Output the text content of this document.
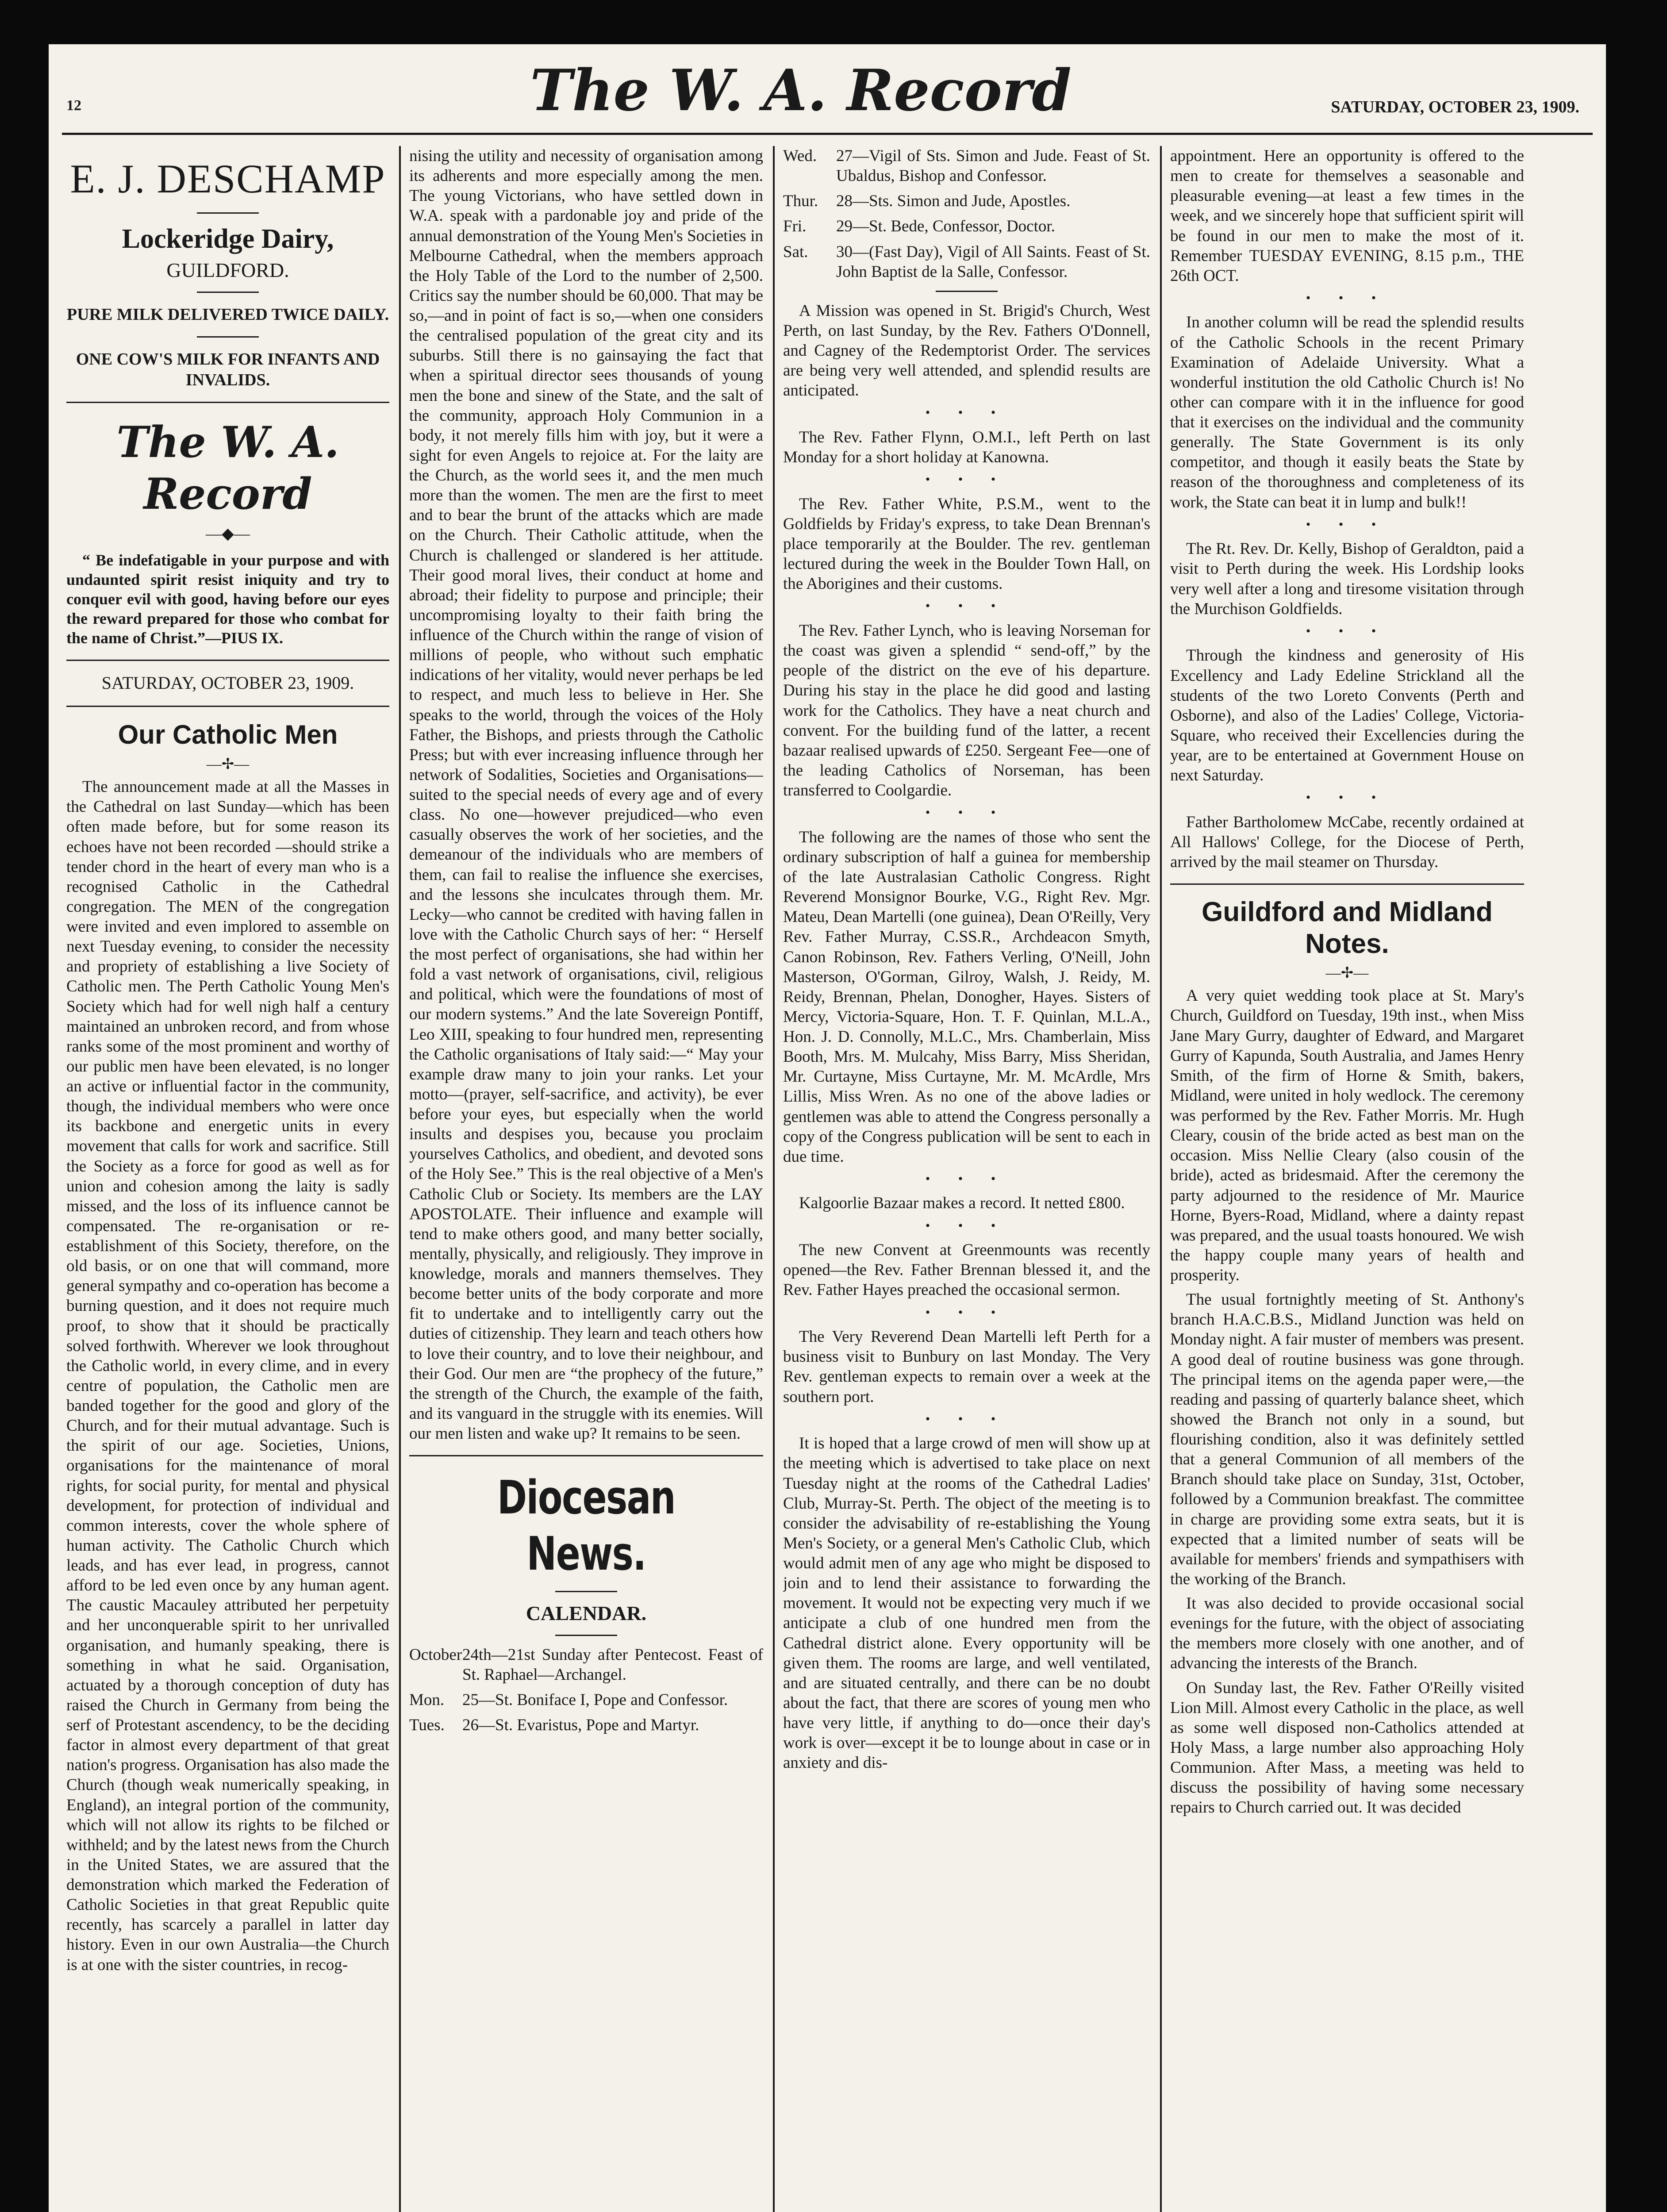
12	The W. A. Record	SATURDAY, OCTOBER 23, 1909.
E. J. DESCHAMP
Lockeridge Dairy,
GUILDFORD.
PURE MILK DELIVERED TWICE DAILY.
ONE COW'S MILK FOR INFANTS AND INVALIDS.
The W. A. Record
—◆—

“ Be indefatigable in your purpose and with undaunted spirit resist iniquity and try to conquer evil with good, having before our eyes the reward prepared for those who combat for the name of Christ.”—PIUS IX.

SATURDAY, OCTOBER 23, 1909.
Our Catholic Men
—✢—

The announcement made at all the Masses in the Cathedral on last Sunday—which has been often made before, but for some reason its echoes have not been recorded —should strike a tender chord in the heart of every man who is a recognised Catholic in the Cathedral congregation. The MEN of the congregation were invited and even implored to assemble on next Tuesday evening, to consider the necessity and propriety of establishing a live Society of Catholic men. The Perth Catholic Young Men's Society which had for well nigh half a century maintained an unbroken record, and from whose ranks some of the most prominent and worthy of our public men have been elevated, is no longer an active or influential factor in the community, though, the individual members who were once its backbone and energetic units in every movement that calls for work and sacrifice. Still the Society as a force for good as well as for union and cohesion among the laity is sadly missed, and the loss of its influence cannot be compensated. The re-organisation or re-establishment of this Society, therefore, on the old basis, or on one that will command, more general sympathy and co-operation has become a burning question, and it does not require much proof, to show that it should be practically solved forthwith. Wherever we look throughout the Catholic world, in every clime, and in every centre of population, the Catholic men are banded together for the good and glory of the Church, and for their mutual advantage. Such is the spirit of our age. Societies, Unions, organisations for the maintenance of moral rights, for social purity, for mental and physical development, for protection of individual and common interests, cover the whole sphere of human activity. The Catholic Church which leads, and has ever lead, in progress, cannot afford to be led even once by any human agent. The caustic Macauley attributed her perpetuity and her unconquerable spirit to her unrivalled organisation, and humanly speaking, there is something in what he said. Organisation, actuated by a thorough conception of duty has raised the Church in Germany from being the serf of Protestant ascendency, to be the deciding factor in almost every department of that great nation's progress. Organisation has also made the Church (though weak numerically speaking, in England), an integral portion of the community, which will not allow its rights to be filched or withheld; and by the latest news from the Church in the United States, we are assured that the demonstration which marked the Federation of Catholic Societies in that great Republic quite recently, has scarcely a parallel in latter day history. Even in our own Australia—the Church is at one with the sister countries, in recog-

nising the utility and necessity of organisation among its adherents and more especially among the men. The young Victorians, who have settled down in W.A. speak with a pardonable joy and pride of the annual demonstration of the Young Men's Societies in Melbourne Cathedral, when the members approach the Holy Table of the Lord to the number of 2,500. Critics say the number should be 60,000. That may be so,—and in point of fact is so,—when one considers the centralised population of the great city and its suburbs. Still there is no gainsaying the fact that when a spiritual director sees thousands of young men the bone and sinew of the State, and the salt of the community, approach Holy Communion in a body, it not merely fills him with joy, but it were a sight for even Angels to rejoice at. For the laity are the Church, as the world sees it, and the men much more than the women. The men are the first to meet and to bear the brunt of the attacks which are made on the Church. Their Catholic attitude, when the Church is challenged or slandered is her attitude. Their good moral lives, their conduct at home and abroad; their fidelity to purpose and principle; their uncompromising loyalty to their faith bring the influence of the Church within the range of vision of millions of people, who without such emphatic indications of her vitality, would never perhaps be led to respect, and much less to believe in Her. She speaks to the world, through the voices of the Holy Father, the Bishops, and priests through the Catholic Press; but with ever increasing influence through her network of Sodalities, Societies and Organisations—suited to the special needs of every age and of every class. No one—however prejudiced—who even casually observes the work of her societies, and the demeanour of the individuals who are members of them, can fail to realise the influence she exercises, and the lessons she inculcates through them. Mr. Lecky—who cannot be credited with having fallen in love with the Catholic Church says of her: “ Herself the most perfect of organisations, she had within her fold a vast network of organisations, civil, religious and political, which were the foundations of most of our modern systems.” And the late Sovereign Pontiff, Leo XIII, speaking to four hundred men, representing the Catholic organisations of Italy said:—“ May your example draw many to join your ranks. Let your motto—(prayer, self-sacrifice, and activity), be ever before your eyes, but especially when the world insults and despises you, because you proclaim yourselves Catholics, and obedient, and devoted sons of the Holy See.” This is the real objective of a Men's Catholic Club or Society. Its members are the LAY APOSTOLATE. Their influence and example will tend to make others good, and many better socially, mentally, physically, and religiously. They improve in knowledge, morals and manners themselves. They become better units of the body corporate and more fit to undertake and to intelligently carry out the duties of citizenship. They learn and teach others how to love their country, and to love their neighbour, and their God. Our men are “the prophecy of the future,” the strength of the Church, the example of the faith, and its vanguard in the struggle with its enemies. Will our men listen and wake up? It remains to be seen.

Diocesan News.
CALENDAR.
October 24th—21st Sunday after Pentecost. Feast of St. Raphael—Archangel.
Mon.	25—St. Boniface I, Pope and Confessor.
Tues.	26—St. Evaristus, Pope and Martyr.
Wed.	27—Vigil of Sts. Simon and Jude. Feast of St. Ubaldus, Bishop and Confessor.
Thur.	28—Sts. Simon and Jude, Apostles.
Fri.	29—St. Bede, Confessor, Doctor.
Sat.	30—(Fast Day), Vigil of All Saints. Feast of St. John Baptist de la Salle, Confessor.

A Mission was opened in St. Brigid's Church, West Perth, on last Sunday, by the Rev. Fathers O'Donnell, and Cagney of the Redemptorist Order. The services are being very well attended, and splendid results are anticipated.

• • •

The Rev. Father Flynn, O.M.I., left Perth on last Monday for a short holiday at Kanowna.

• • •

The Rev. Father White, P.S.M., went to the Goldfields by Friday's express, to take Dean Brennan's place temporarily at the Boulder. The rev. gentleman lectured during the week in the Boulder Town Hall, on the Aborigines and their customs.

• • •

The Rev. Father Lynch, who is leaving Norseman for the coast was given a splendid “ send-off,” by the people of the district on the eve of his departure. During his stay in the place he did good and lasting work for the Catholics. They have a neat church and convent. For the building fund of the latter, a recent bazaar realised upwards of £250. Sergeant Fee—one of the leading Catholics of Norseman, has been transferred to Coolgardie.

• • •

The following are the names of those who sent the ordinary subscription of half a guinea for membership of the late Australasian Catholic Congress. Right Reverend Monsignor Bourke, V.G., Right Rev. Mgr. Mateu, Dean Martelli (one guinea), Dean O'Reilly, Very Rev. Father Murray, C.SS.R., Archdeacon Smyth, Canon Robinson, Rev. Fathers Verling, O'Neill, John Masterson, O'Gorman, Gilroy, Walsh, J. Reidy, M. Reidy, Brennan, Phelan, Donogher, Hayes. Sisters of Mercy, Victoria-Square, Hon. T. F. Quinlan, M.L.A., Hon. J. D. Connolly, M.L.C., Mrs. Chamberlain, Miss Booth, Mrs. M. Mulcahy, Miss Barry, Miss Sheridan, Mr. Curtayne, Miss Curtayne, Mr. M. McArdle, Mrs Lillis, Miss Wren. As no one of the above ladies or gentlemen was able to attend the Congress personally a copy of the Congress publication will be sent to each in due time.

• • •

Kalgoorlie Bazaar makes a record. It netted £800.

• • •

The new Convent at Greenmounts was recently opened—the Rev. Father Brennan blessed it, and the Rev. Father Hayes preached the occasional sermon.

• • •

The Very Reverend Dean Martelli left Perth for a business visit to Bunbury on last Monday. The Very Rev. gentleman expects to remain over a week at the southern port.

• • •

It is hoped that a large crowd of men will show up at the meeting which is advertised to take place on next Tuesday night at the rooms of the Cathedral Ladies' Club, Murray-St. Perth. The object of the meeting is to consider the advisability of re-establishing the Young Men's Society, or a general Men's Catholic Club, which would admit men of any age who might be disposed to join and to lend their assistance to forwarding the movement. It would not be expecting very much if we anticipate a club of one hundred men from the Cathedral district alone. Every opportunity will be given them. The rooms are large, and well ventilated, and are situated centrally, and there can be no doubt about the fact, that there are scores of young men who have very little, if anything to do—once their day's work is over—except it be to lounge about in case or in anxiety and dis-

appointment. Here an opportunity is offered to the men to create for themselves a seasonable and pleasurable evening—at least a few times in the week, and we sincerely hope that sufficient spirit will be found in our men to make the most of it. Remember TUESDAY EVENING, 8.15 p.m., THE 26th OCT.

• • •

In another column will be read the splendid results of the Catholic Schools in the recent Primary Examination of Adelaide University. What a wonderful institution the old Catholic Church is! No other can compare with it in the influence for good that it exercises on the individual and the community generally. The State Government is its only competitor, and though it easily beats the State by reason of the thoroughness and completeness of its work, the State can beat it in lump and bulk!!

• • •

The Rt. Rev. Dr. Kelly, Bishop of Geraldton, paid a visit to Perth during the week. His Lordship looks very well after a long and tiresome visitation through the Murchison Goldfields.

• • •

Through the kindness and generosity of His Excellency and Lady Edeline Strickland all the students of the two Loreto Convents (Perth and Osborne), and also of the Ladies' College, Victoria-Square, who received their Excellencies during the year, are to be entertained at Government House on next Saturday.

• • •

Father Bartholomew McCabe, recently ordained at All Hallows' College, for the Diocese of Perth, arrived by the mail steamer on Thursday.

Guildford and Midland Notes.
—✢—

A very quiet wedding took place at St. Mary's Church, Guildford on Tuesday, 19th inst., when Miss Jane Mary Gurry, daughter of Edward, and Margaret Gurry of Kapunda, South Australia, and James Henry Smith, of the firm of Horne & Smith, bakers, Midland, were united in holy wedlock. The ceremony was performed by the Rev. Father Morris. Mr. Hugh Cleary, cousin of the bride acted as best man on the occasion. Miss Nellie Cleary (also cousin of the bride), acted as bridesmaid. After the ceremony the party adjourned to the residence of Mr. Maurice Horne, Byers-Road, Midland, where a dainty repast was prepared, and the usual toasts honoured. We wish the happy couple many years of health and prosperity.

The usual fortnightly meeting of St. Anthony's branch H.A.C.B.S., Midland Junction was held on Monday night. A fair muster of members was present. A good deal of routine business was gone through. The principal items on the agenda paper were,—the reading and passing of quarterly balance sheet, which showed the Branch not only in a sound, but flourishing condition, also it was definitely settled that a general Communion of all members of the Branch should take place on Sunday, 31st, October, followed by a Communion breakfast. The committee in charge are providing some extra seats, but it is expected that a limited number of seats will be available for members' friends and sympathisers with the working of the Branch.

It was also decided to provide occasional social evenings for the future, with the object of associating the members more closely with one another, and of advancing the interests of the Branch.

On Sunday last, the Rev. Father O'Reilly visited Lion Mill. Almost every Catholic in the place, as well as some well disposed non-Catholics attended at Holy Mass, a large number also approaching Holy Communion. After Mass, a meeting was held to discuss the possibility of having some necessary repairs to Church carried out. It was decided
